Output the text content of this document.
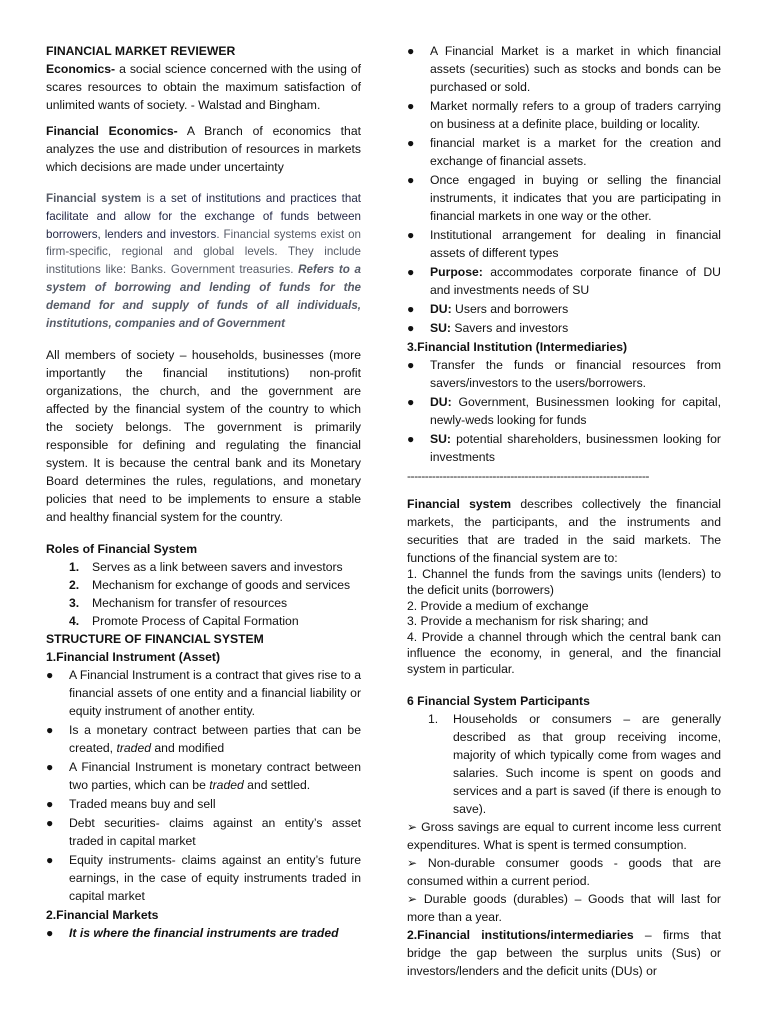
FINANCIAL MARKET REVIEWER

Economics- a social science concerned with the using of scares resources to obtain the maximum satisfaction of unlimited wants of society. - Walstad and Bingham.

Financial Economics- A Branch of economics that analyzes the use and distribution of resources in markets which decisions are made under uncertainty

Financial system is a set of institutions and practices that facilitate and allow for the exchange of funds between borrowers, lenders and investors. Financial systems exist on firm-specific, regional and global levels. They include institutions like: Banks. Government treasuries. Refers to a system of borrowing and lending of funds for the demand for and supply of funds of all individuals, institutions, companies and of Government

All members of society – households, businesses (more importantly the financial institutions) non-profit organizations, the church, and the government are affected by the financial system of the country to which the society belongs. The government is primarily responsible for defining and regulating the financial system. It is because the central bank and its Monetary Board determines the rules, regulations, and monetary policies that need to be implements to ensure a stable and healthy financial system for the country.

Roles of Financial System

1. Serves as a link between savers and investors
2. Mechanism for exchange of goods and services
3. Mechanism for transfer of resources
4. Promote Process of Capital Formation

STRUCTURE OF FINANCIAL SYSTEM

1.Financial Instrument (Asset)

● A Financial Instrument is a contract that gives rise to a financial assets of one entity and a financial liability or equity instrument of another entity.
● Is a monetary contract between parties that can be created, traded and modified
● A Financial Instrument is monetary contract between two parties, which can be traded and settled.
● Traded means buy and sell
● Debt securities- claims against an entity’s asset traded in capital market
● Equity instruments- claims against an entity’s future earnings, in the case of equity instruments traded in capital market

2.Financial Markets

● It is where the financial instruments are traded
● A Financial Market is a market in which financial assets (securities) such as stocks and bonds can be purchased or sold.
● Market normally refers to a group of traders carrying on business at a definite place, building or locality.
● financial market is a market for the creation and exchange of financial assets.
● Once engaged in buying or selling the financial instruments, it indicates that you are participating in financial markets in one way or the other.
● Institutional arrangement for dealing in financial assets of different types
● Purpose: accommodates corporate finance of DU and investments needs of SU
● DU: Users and borrowers
● SU: Savers and investors

3.Financial Institution (Intermediaries)

● Transfer the funds or financial resources from savers/investors to the users/borrowers.
● DU: Government, Businessmen looking for capital, newly-weds looking for funds
● SU: potential shareholders, businessmen looking for investments

--------------------------------------------------------------------

Financial system describes collectively the financial markets, the participants, and the instruments and securities that are traded in the said markets. The functions of the financial system are to:

1. Channel the funds from the savings units (lenders) to the deficit units (borrowers)

2. Provide a medium of exchange

3. Provide a mechanism for risk sharing; and

4. Provide a channel through which the central bank can influence the economy, in general, and the financial system in particular.

6 Financial System Participants

1. Households or consumers – are generally described as that group receiving income, majority of which typically come from wages and salaries. Such income is spent on goods and services and a part is saved (if there is enough to save).

➢ Gross savings are equal to current income less current expenditures. What is spent is termed consumption.

➢ Non-durable consumer goods - goods that are consumed within a current period.

➢ Durable goods (durables) – Goods that will last for more than a year.

2.Financial institutions/intermediaries – firms that bridge the gap between the surplus units (Sus) or investors/lenders and the deficit units (DUs) or
